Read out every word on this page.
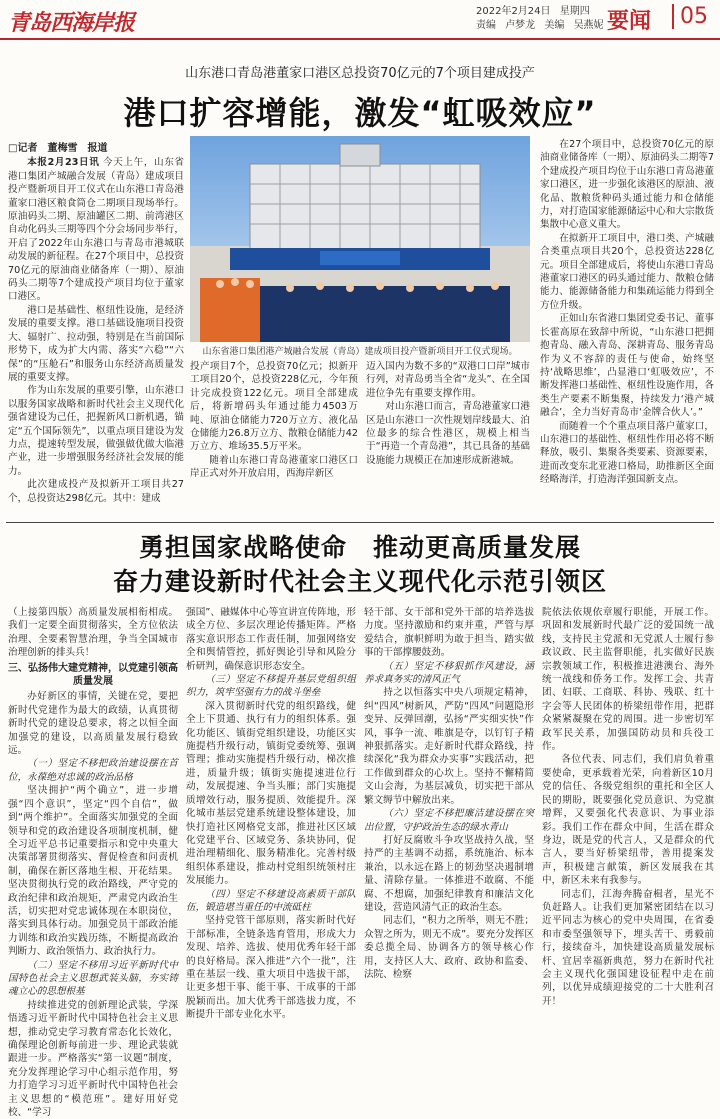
青岛西海岸报	2022年2月24日 星期四
责编 卢梦龙 美编 吴燕妮 要闻	05
山东港口青岛港董家口港区总投资70亿元的7个项目建成投产
港口扩容增能，激发“虹吸效应”

□记者　董梅雪　报道

本报2月23日讯 今天上午，山东省港口集团产城融合发展（青岛）建成项目投产暨新项目开工仪式在山东港口青岛港董家口港区粮食筒仓二期项目现场举行。原油码头二期、原油罐区二期、前湾港区自动化码头三期等四个分会场同步举行，开启了2022年山东港口与青岛市港城联动发展的新征程。在27个项目中，总投资70亿元的原油商业储备库（一期）、原油码头二期等7个建成投产项目均位于董家口港区。

港口是基础性、枢纽性设施，是经济发展的重要支撑。港口基础设施项目投资大、辐射广、拉动强，特别是在当前国际形势下，成为扩大内需、落实“六稳”“六保”的“压舱石”和服务山东经济高质量发展的重要支撑。

作为山东发展的重要引擎，山东港口以服务国家战略和新时代社会主义现代化强省建设为己任，把握新风口新机遇，锚定“五个国际领先”，以重点项目建设为发力点，提速转型发展，做强做优做大临港产业，进一步增强服务经济社会发展的能力。

此次建成投产及拟新开工项目共27个，总投资达298亿元。其中：建成

山东省港口集团港产城融合发展（青岛）建成项目投产暨新项目开工仪式现场。

投产项目7个，总投资70亿元；拟新开工项目20个，总投资228亿元，今年预计完成投资122亿元。项目全部建成后，将新增码头年通过能力4503万吨、原油仓储能力720万立方、液化品仓储能力26.8万立方、散粮仓储能力42万立方、堆场35.5万平米。

随着山东港口青岛港董家口港区口岸正式对外开放启用，西海岸新区

迈入国内为数不多的“双港口口岸”城市行列，对青岛勇当全省“龙头”、在全国进位争先有重要支撑作用。

对山东港口而言，青岛港董家口港区是山东港口一次性规划岸线最大、泊位最多的综合性港区，规模上相当于“再造一个青岛港”，其已具备的基础设施能力规模正在加速形成新港城。

在27个项目中，总投资70亿元的原油商业储备库（一期）、原油码头二期等7个建成投产项目均位于山东港口青岛港董家口港区，进一步强化该港区的原油、液化品、散粮货种码头通过能力和仓储能力，对打造国家能源储运中心和大宗散货集散中心意义重大。

在拟新开工项目中，港口类、产城融合类重点项目共20个，总投资达228亿元。项目全部建成后，将使山东港口青岛港董家口港区的码头通过能力、散粮仓储能力、能源储备能力和集疏运能力得到全方位升级。

正如山东省港口集团党委书记、董事长霍高原在致辞中所说，“山东港口把拥抱青岛、融入青岛、深耕青岛、服务青岛作为义不容辞的责任与使命，始终坚持‘战略思维’，凸显港口‘虹吸效应’，不断发挥港口基础性、枢纽性设施作用，各类生产要素不断集聚，持续发力‘港产城融合’，全力当好青岛市‘金牌合伙人’。”

而随着一个个重点项目落户董家口，山东港口的基础性、枢纽性作用必将不断释放，吸引、集聚各类要素、资源要素，进而改变东北亚港口格局，助推新区全面经略海洋，打造海洋强国新支点。

勇担国家战略使命　推动更高质量发展
奋力建设新时代社会主义现代化示范引领区

（上接第四版）高质量发展相衔相成。我们一定要全面贯彻落实，全方位依法治理、全要素智慧治理，争当全国城市治理创新的排头兵！

三、弘扬伟大建党精神，以党建引领高质量发展

办好新区的事情，关键在党，要把新时代党建作为最大的政绩，认真贯彻新时代党的建设总要求，将之以恒全面加强党的建设，以高质量发展行稳致远。

（一）坚定不移把政治建设摆在首位，永葆绝对忠诚的政治品格

坚决拥护“两个确立”，进一步增强“四个意识”，坚定“四个自信”，做到“两个维护”。全面落实加强党的全面领导和党的政治建设各项制度机制，健全习近平总书记重要指示和党中央重大决策部署贯彻落实、督促检查和问责机制，确保在新区落地生根、开花结果。坚决贯彻执行党的政治路线，严守党的政治纪律和政治规矩，严肃党内政治生活，切实把对党忠诚体现在本职岗位，落实到具体行动。加强党员干部政治能力训练和政治实践历练，不断提高政治判断力、政治领悟力、政治执行力。

（二）坚定不移用习近平新时代中国特色社会主义思想武装头脑，夯实铸魂立心的思想根基

持续推进党的创新理论武装，学深悟透习近平新时代中国特色社会主义思想，推动党史学习教育常态化长效化，确保理论创新每前进一步、理论武装就跟进一步。严格落实“第一议题”制度，充分发挥理论学习中心组示范作用，努力打造学习习近平新时代中国特色社会主义思想的“模范班”。建好用好党校、“学习

强国”、融媒体中心等宣讲宣传阵地，形成全方位、多层次理论传播矩阵。严格落实意识形态工作责任制，加强网络安全和舆情管控，抓好舆论引导和风险分析研判，确保意识形态安全。

（三）坚定不移提升基层党组织组织力，筑牢坚强有力的战斗堡垒

深入贯彻新时代党的组织路线，健全上下贯通、执行有力的组织体系。强化功能区、镇街党组织建设，功能区实施提档升级行动，镇街党委统筹、强调管理；推动实施提档升级行动，梯次推进，质量升级；镇街实施提速进位行动，发展提速、争当头雁；部门实施提质增效行动，服务提质、效能提升。深化城市基层党建系统建设整体建设，加快打造社区网格党支部，推进社区区域化党建平台、区域党务、条块协同，促进治理精细化、服务精准化。完善村级组织体系建设，推动村党组织统领村庄发展能力。

（四）坚定不移建设高素质干部队伍，锻造堪当重任的中流砥柱

坚持党管干部原则，落实新时代好干部标准，全链条选育管用，形成大力发现、培养、选拔、使用优秀年轻干部的良好格局。深入推进“六个一批”，注重在基层一线、重大项目中选拔干部，让更多想干事、能干事、干成事的干部脱颖而出。加大优秀干部选拔力度，不断提升干部专业化水平。

轻干部、女干部和党外干部的培养选拔力度。坚持激励和约束并重，严管与厚爱结合，旗帜鲜明为敢于担当、踏实做事的干部撑腰鼓劲。

（五）坚定不移狠抓作风建设，涵养求真务实的清风正气

持之以恒落实中央八项规定精神，纠“四风”树新风，严防“四风”问题隐形变异、反弹回潮，弘扬“严实细实快”作风，事争一流、唯旗是夺，以钉钉子精神狠抓落实。走好新时代群众路线，持续深化“我为群众办实事”实践活动，把工作做到群众的心坎上。坚持不懈精简文山会海，为基层减负，切实把干部从繁文缛节中解放出来。

（六）坚定不移把廉洁建设摆在突出位置，守护政治生态的绿水青山

打好反腐败斗争攻坚战持久战，坚持严的主基调不动摇，系统施治、标本兼治，以永远在路上的韧劲坚决遏制增量、清除存量。一体推进不敢腐、不能腐、不想腐，加强纪律教育和廉洁文化建设，营造风清气正的政治生态。

同志们，“积力之所举，则无不胜；众智之所为，则无不成”。要充分发挥区委总揽全局、协调各方的领导核心作用，支持区人大、政府、政协和监委、法院、检察

院依法依规依章履行职能，开展工作。巩固和发展新时代最广泛的爱国统一战线，支持民主党派和无党派人士履行参政议政、民主监督职能，扎实做好民族宗教领域工作，积极推进港澳台、海外统一战线和侨务工作。发挥工会、共青团、妇联、工商联、科协、残联、红十字会等人民团体的桥梁纽带作用，把群众紧紧凝聚在党的周围。进一步密切军政军民关系，加强国防动员和兵役工作。

各位代表、同志们，我们肩负着重要使命，更承载着光荣，向着新区10月党的信任、各级党组织的重托和全区人民的期盼，既要强化党员意识、为党旗增辉，又要强化代表意识、为事业添彩。我们工作在群众中间，生活在群众身边，既是党的代言人，又是群众的代言人，要当好桥梁纽带，善用提案发声，积极建言献策，新区发展我在其中，新区未来有我参与。

同志们，江海奔腾奋楫者，星光不负赶路人。让我们更加紧密团结在以习近平同志为核心的党中央周围，在省委和市委坚强领导下，埋头苦干、勇毅前行，接续奋斗，加快建设高质量发展标杆、宜居幸福新典范，努力在新时代社会主义现代化强国建设征程中走在前列，以优异成绩迎接党的二十大胜利召开！
